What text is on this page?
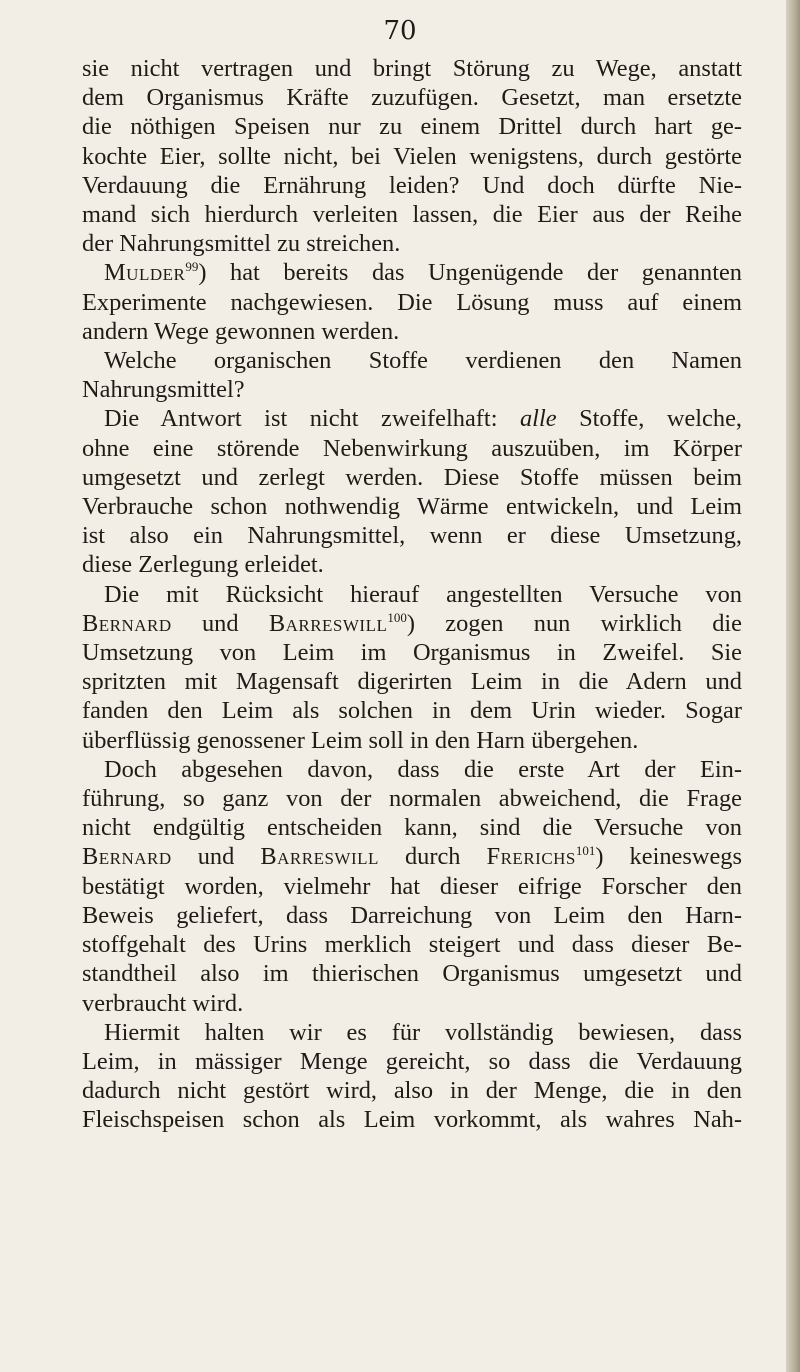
70

sie nicht vertragen und bringt Störung zu Wege, anstatt
dem Organismus Kräfte zuzufügen. Gesetzt, man ersetzte
die nöthigen Speisen nur zu einem Drittel durch hart ge-
kochte Eier, sollte nicht, bei Vielen wenigstens, durch gestörte
Verdauung die Ernährung leiden? Und doch dürfte Nie-
mand sich hierdurch verleiten lassen, die Eier aus der Reihe
der Nahrungsmittel zu streichen.
Mulder$^{99}$) hat bereits das Ungenügende der genannten
Experimente nachgewiesen. Die Lösung muss auf einem
andern Wege gewonnen werden.
Welche organischen Stoffe verdienen den Namen
Nahrungsmittel?
Die Antwort ist nicht zweifelhaft: alle Stoffe, welche,
ohne eine störende Nebenwirkung auszuüben, im Körper
umgesetzt und zerlegt werden. Diese Stoffe müssen beim
Verbrauche schon nothwendig Wärme entwickeln, und Leim
ist also ein Nahrungsmittel, wenn er diese Umsetzung,
diese Zerlegung erleidet.
Die mit Rücksicht hierauf angestellten Versuche von
Bernard und Barreswill$^{100}$) zogen nun wirklich die
Umsetzung von Leim im Organismus in Zweifel. Sie
spritzten mit Magensaft digerirten Leim in die Adern und
fanden den Leim als solchen in dem Urin wieder. Sogar
überflüssig genossener Leim soll in den Harn übergehen.
Doch abgesehen davon, dass die erste Art der Ein-
führung, so ganz von der normalen abweichend, die Frage
nicht endgültig entscheiden kann, sind die Versuche von
Bernard und Barreswill durch Frerichs$^{101}$) keineswegs
bestätigt worden, vielmehr hat dieser eifrige Forscher den
Beweis geliefert, dass Darreichung von Leim den Harn-
stoffgehalt des Urins merklich steigert und dass dieser Be-
standtheil also im thierischen Organismus umgesetzt und
verbraucht wird.
Hiermit halten wir es für vollständig bewiesen, dass
Leim, in mässiger Menge gereicht, so dass die Verdauung
dadurch nicht gestört wird, also in der Menge, die in den
Fleischspeisen schon als Leim vorkommt, als wahres Nah-
